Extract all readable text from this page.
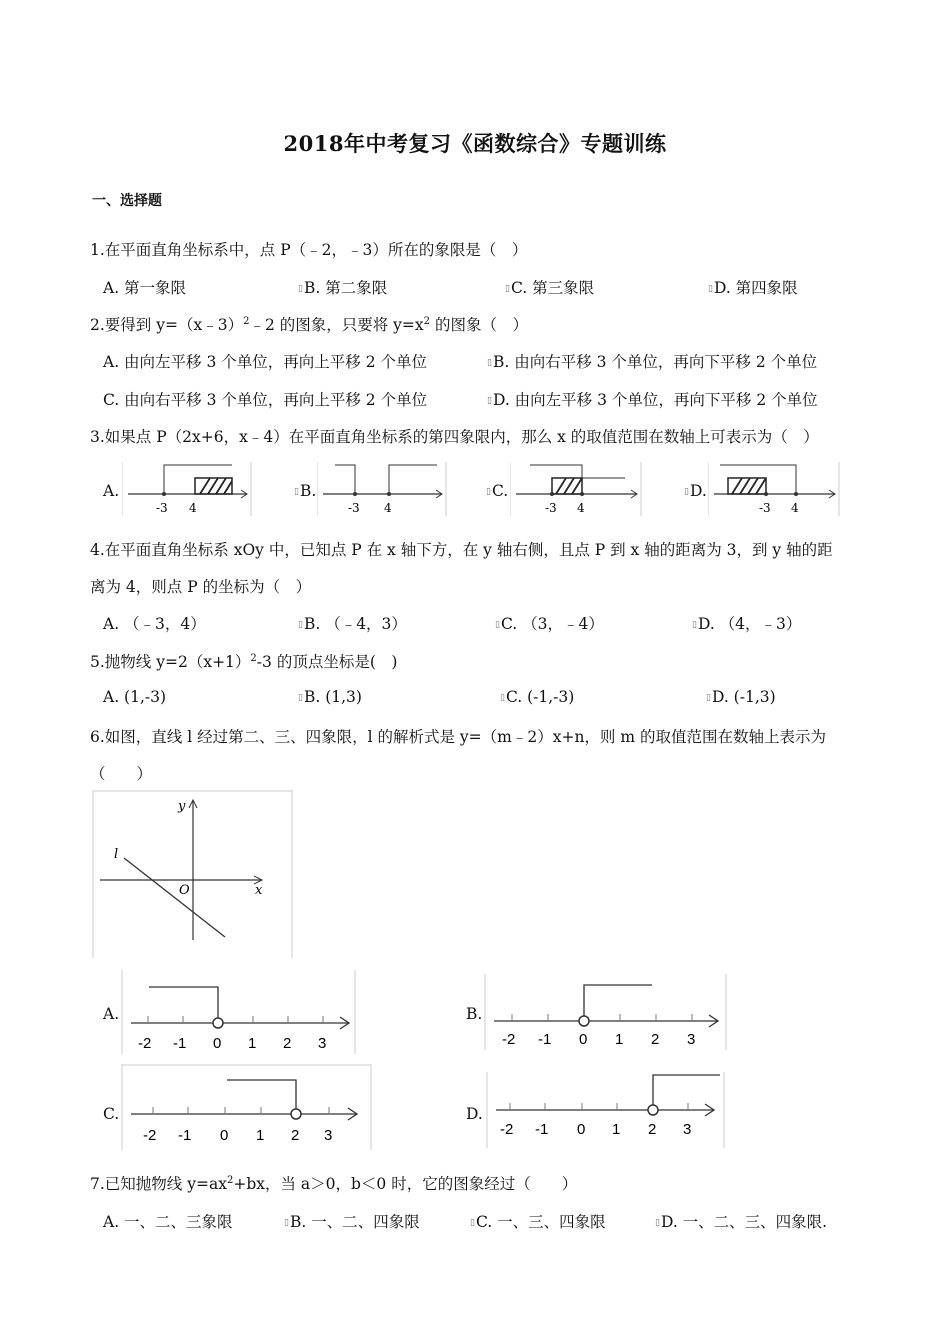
2018年中考复习《函数综合》专题训练
一、选择题
1.在平面直角坐标系中，点 P（﹣2，﹣3）所在的象限是（　）
A. 第一象限	▯B. 第二象限	▯C. 第三象限	▯D. 第四象限
2.要得到 y=（x﹣3）$^2$﹣2 的图象，只要将 $y=x^2$ 的图象（　）
A. 由向左平移 3 个单位，再向上平移 2 个单位	▯B. 由向右平移 3 个单位，再向下平移 2 个单位
C. 由向右平移 3 个单位，再向上平移 2 个单位	▯D. 由向左平移 3 个单位，再向下平移 2 个单位
3.如果点 P（2x+6，x﹣4）在平面直角坐标系的第四象限内，那么 x 的取值范围在数轴上可表示为（　）
A.
-3 4
▯B.
-3 4
▯C.
-3 4
▯D.
-3 4
4.在平面直角坐标系 xOy 中，已知点 P 在 x 轴下方，在 y 轴右侧，且点 P 到 x 轴的距离为 3，到 y 轴的距
离为 4，则点 P 的坐标为（　）
A. （﹣3，4）	▯B. （﹣4，3）	▯C. （3，﹣4）	▯D. （4，﹣3）
5.抛物线 $y=2(x+1)^2-3$ 的顶点坐标是(　)
A. (1,-3)	▯B. (1,3)	▯C. (-1,-3)	▯D. (-1,3)
6.如图，直线 l 经过第二、三、四象限，l 的解析式是 y=（m﹣2）x+n，则 m 的取值范围在数轴上表示为
（　　）
y
x
O
l
A.
-2 -1 0 1 2 3
B.
-2 -1 0 1 2 3
C.
-2 -1 0 1 2 3
D.
-2 -1 0 1 2 3
7.已知抛物线 $y=ax^2+bx$，当 a＞0，b＜0 时，它的图象经过（　　）
A. 一、二、三象限	▯B. 一、二、四象限	▯C. 一、三、四象限	▯D. 一、二、三、四象限.
